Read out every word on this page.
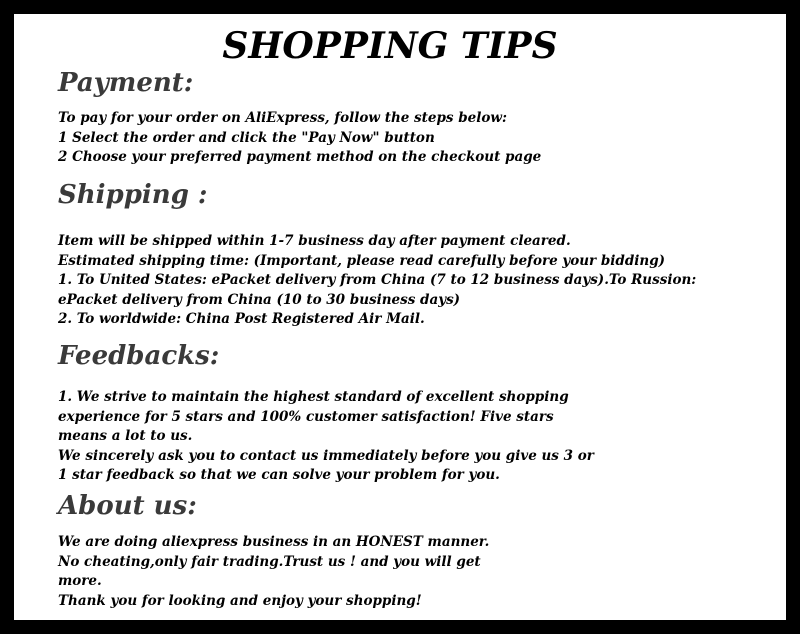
SHOPPING TIPS
Payment:
To pay for your order on AliExpress, follow the steps below:
1 Select the order and click the "Pay Now" button
2 Choose your preferred payment method on the checkout page
Shipping :
Item will be shipped within 1-7 business day after payment cleared.
Estimated shipping time: (Important, please read carefully before your bidding)
1. To United States: ePacket delivery from China (7 to 12 business days).To Russion:
ePacket delivery from China (10 to 30 business days)
2. To worldwide: China Post Registered Air Mail.
Feedbacks:
1. We strive to maintain the highest standard of excellent shopping
experience for 5 stars and 100% customer satisfaction! Five stars
means a lot to us.
We sincerely ask you to contact us immediately before you give us 3 or
1 star feedback so that we can solve your problem for you.
About us:
We are doing aliexpress business in an HONEST manner.
No cheating,only fair trading.Trust us ! and you will get
more.
Thank you for looking and enjoy your shopping!
